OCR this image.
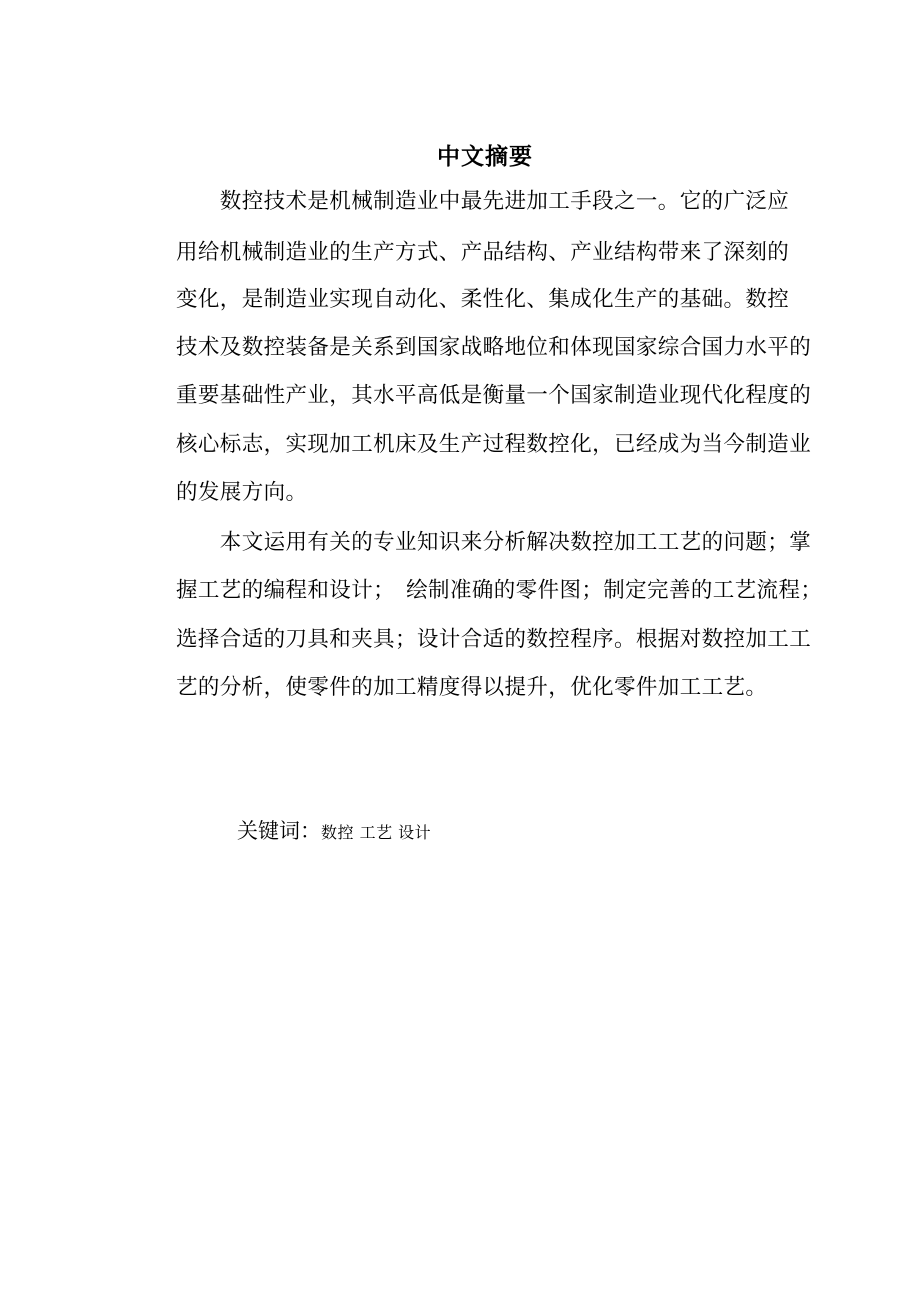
中文摘要
　　数控技术是机械制造业中最先进加工手段之一。它的广泛应
用给机械制造业的生产方式、产品结构、产业结构带来了深刻的
变化，是制造业实现自动化、柔性化、集成化生产的基础。数控
技术及数控装备是关系到国家战略地位和体现国家综合国力水平的
重要基础性产业，其水平高低是衡量一个国家制造业现代化程度的
核心标志，实现加工机床及生产过程数控化，已经成为当今制造业
的发展方向。
　　本文运用有关的专业知识来分析解决数控加工工艺的问题；掌
握工艺的编程和设计；　绘制准确的零件图；制定完善的工艺流程；
选择合适的刀具和夹具；设计合适的数控程序。根据对数控加工工
艺的分析，使零件的加工精度得以提升，优化零件加工工艺。
关键词：数控 工艺 设计
